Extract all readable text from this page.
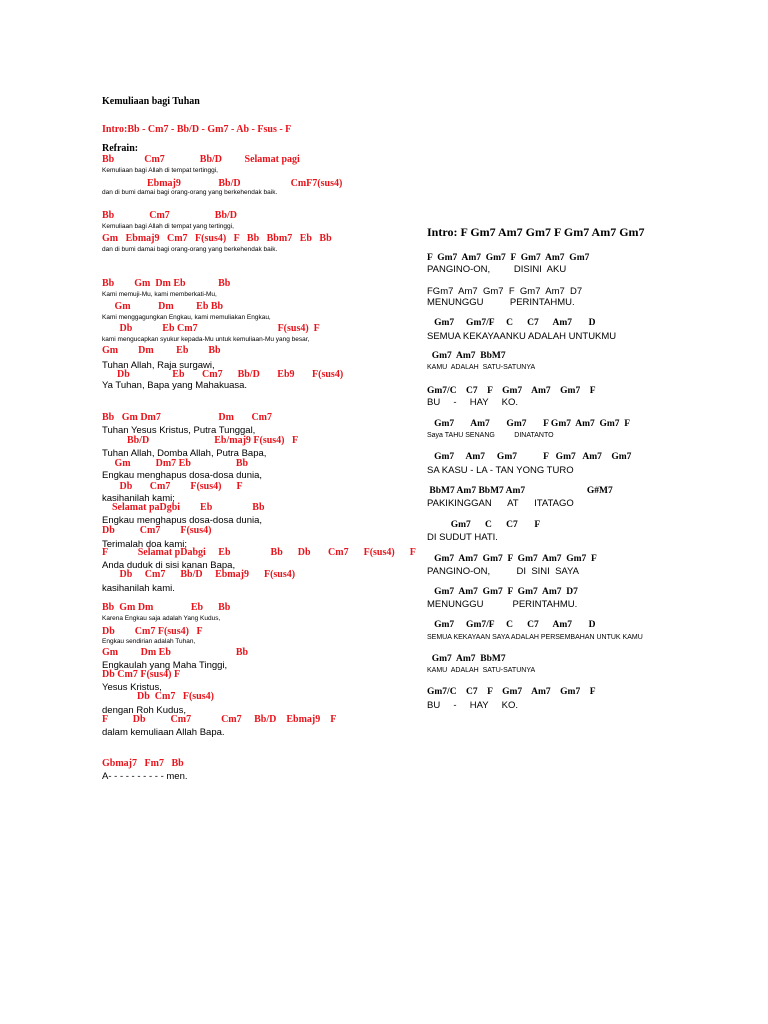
Kemuliaan bagi Tuhan
Intro:Bb - Cm7 - Bb/D - Gm7 - Ab - Fsus - F
Refrain:
Bb            Cm7              Bb/D         Selamat pagi
Kemuliaan bagi Allah di tempat tertinggi,
Ebmaj9               Bb/D                    CmF7(sus4)
dan di bumi damai bagi orang-orang yang berkehendak baik.
Bb              Cm7                  Bb/D
Kemuliaan bagi Allah di tempat yang tertinggi,
Gm   Ebmaj9   Cm7   F(sus4)   F   Bb   Bbm7   Eb   Bb
dan di bumi damai bagi orang-orang yang berkehendak baik.
Bb        Gm  Dm Eb             Bb
Kami memuji-Mu, kami memberkati-Mu,
Gm           Dm         Eb Bb
Kami menggagungkan Engkau, kami memuliakan Engkau,
Db            Eb Cm7                                F(sus4)  F
kami mengucapkan syukur kepada-Mu untuk kemuliaan-Mu yang besar,
Gm        Dm         Eb        Bb
Tuhan Allah, Raja surgawi,
Db                 Eb       Cm7      Bb/D       Eb9       F(sus4)
Ya Tuhan, Bapa yang Mahakuasa.
Bb   Gm Dm7                       Dm       Cm7
Tuhan Yesus Kristus, Putra Tunggal,
Bb/D                          Eb/maj9 F(sus4)   F
Tuhan Allah, Domba Allah, Putra Bapa,
Gm          Dm7 Eb                  Bb
Engkau menghapus dosa-dosa dunia,
Db       Cm7        F(sus4)      F
kasihanilah kami;
Selamat paDgbi        Eb                Bb
Engkau menghapus dosa-dosa dunia,
Db          Cm7        F(sus4)
Terimalah doa kami;
F            Selamat pDabgi     Eb                Bb      Db       Cm7      F(sus4)      F
Anda duduk di sisi kanan Bapa,
Db     Cm7      Bb/D     Ebmaj9      F(sus4)
kasihanilah kami.
Bb  Gm Dm               Eb      Bb
Karena Engkau saja adalah Yang Kudus,
Db        Cm7 F(sus4)   F
Engkau sendirian adalah Tuhan,
Gm         Dm Eb                          Bb
Engkaulah yang Maha Tinggi,
Db Cm7 F(sus4) F
Yesus Kristus,
Db  Cm7   F(sus4)
dengan Roh Kudus,
F          Db          Cm7            Cm7     Bb/D    Ebmaj9    F
dalam kemuliaan Allah Bapa.
Gbmaj7   Fm7   Bb
A- - - - - - - - - - men.
Intro: F Gm7 Am7 Gm7 F Gm7 Am7 Gm7
F  Gm7  Am7  Gm7  F  Gm7  Am7  Gm7
PANGINO-ON,         DISINI  AKU
FGm7  Am7  Gm7  F  Gm7  Am7  D7
MENUNGGU          PERINTAHMU.
Gm7     Gm7/F     C      C7      Am7       D
SEMUA KEKAYAANKU ADALAH UNTUKMU
Gm7  Am7  BbM7
KAMU  ADALAH  SATU-SATUNYA
Gm7/C    C7    F    Gm7    Am7    Gm7    F
BU     -     HAY     KO.
Gm7       Am7       Gm7       F Gm7  Am7  Gm7  F
Saya TAHU SENANG          DINATANTO
Gm7     Am7     Gm7           F   Gm7   Am7    Gm7
SA KASU - LA - TAN YONG TURO
BbM7 Am7 BbM7 Am7                          G#M7
PAKIKINGGAN      AT      ITATAGO
Gm7      C      C7       F
DI SUDUT HATI.
Gm7  Am7  Gm7  F  Gm7  Am7  Gm7  F
PANGINO-ON,          DI  SINI  SAYA
Gm7  Am7  Gm7  F  Gm7  Am7  D7
MENUNGGU           PERINTAHMU.
Gm7     Gm7/F     C      C7      Am7       D
SEMUA KEKAYAAN SAYA ADALAH PERSEMBAHAN UNTUK KAMU
Gm7  Am7  BbM7
KAMU  ADALAH  SATU-SATUNYA
Gm7/C    C7    F    Gm7    Am7    Gm7    F
BU     -     HAY     KO.
